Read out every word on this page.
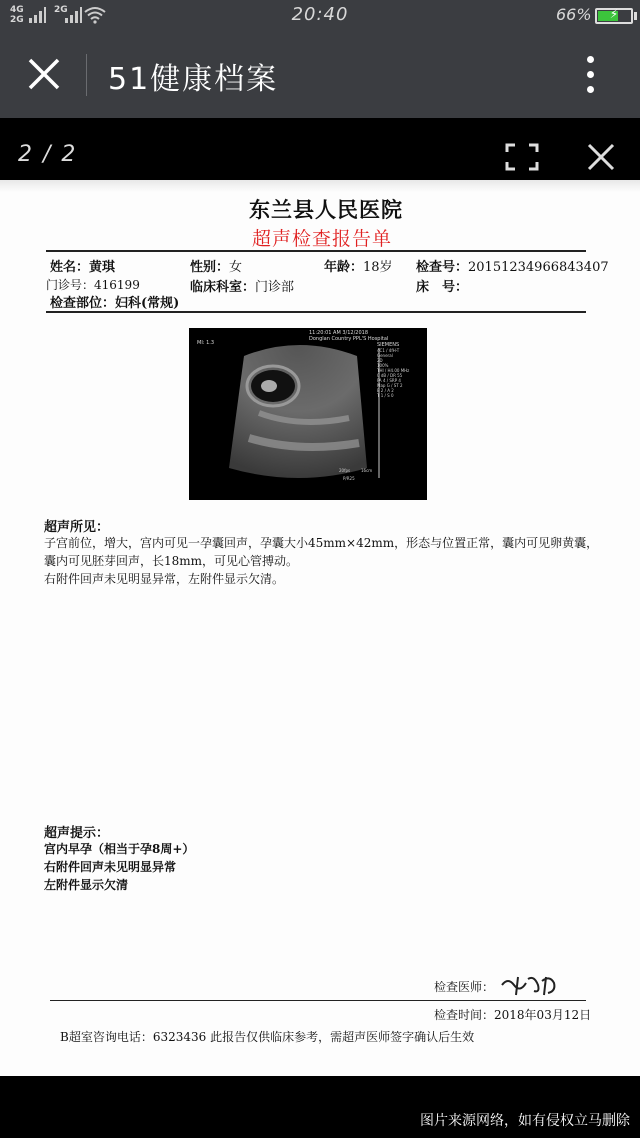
4G
2G
2G	20:40	66%	⚡
51健康档案
2 / 2
东兰县人民医院
超声检查报告单
姓名：黄琪	性别：女	年龄：18岁 检查号：20151234966843407
门诊号：416199	临床科室：门诊部	床　号：
检查部位：妇科(常规)
11:20:01 AM 3/12/2018
Donglan Country PPL'S Hospital
SIEMENS
MI: 1.3
4C1 / 4fH-T
General
2D
100%
THI / H4.00 MHz
0 dB / DR 55
FA 4 / SRP 4
Map G / ST 2
E 2 / A 2
T 1 / S 0
20fps	16cm
P/R25
超声所见：
子宫前位，增大，宫内可见一孕囊回声，孕囊大小45mm×42mm，形态与位置正常，囊内可见卵黄囊，
囊内可见胚芽回声，长18mm，可见心管搏动。
右附件回声未见明显异常，左附件显示欠清。
超声提示：
宫内早孕（相当于孕8周+）
右附件回声未见明显异常
左附件显示欠清
检查医师：
检查时间：2018年03月12日
B超室咨询电话：6323436 此报告仅供临床参考，需超声医师签字确认后生效
图片来源网络，如有侵权立马删除
